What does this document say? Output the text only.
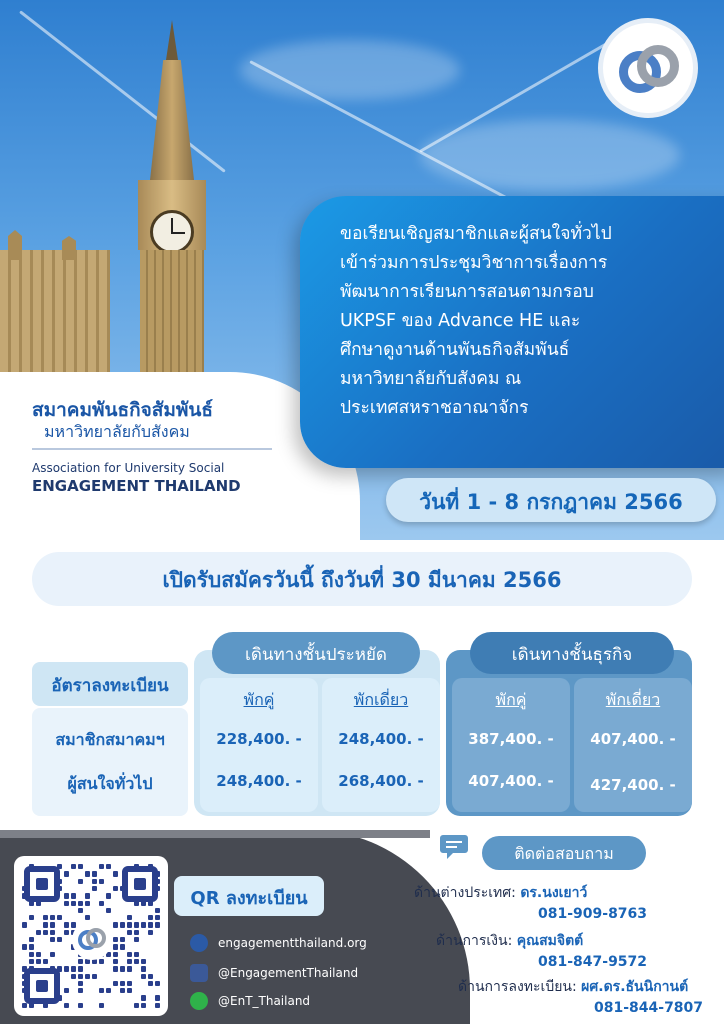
สมาคมพันธกิจสัมพันธ์
มหาวิทยาลัยกับสังคม
Association for University Social
ENGAGEMENT THAILAND
ขอเรียนเชิญสมาชิกและผู้สนใจทั่วไป
เข้าร่วมการประชุมวิชาการเรื่องการ
พัฒนาการเรียนการสอนตามกรอบ
UKPSF ของ Advance HE และ
ศึกษาดูงานด้านพันธกิจสัมพันธ์
มหาวิทยาลัยกับสังคม ณ
ประเทศสหราชอาณาจักร
วันที่ 1 - 8 กรกฎาคม 2566
เปิดรับสมัครวันนี้ ถึงวันที่ 30 มีนาคม 2566
อัตราลงทะเบียน
สมาชิกสมาคมฯ
ผู้สนใจทั่วไป
เดินทางชั้นประหยัด
พักคู่	พักเดี่ยว
228,400. -
248,400. -
248,400. -
268,400. -
เดินทางชั้นธุรกิจ
พักคู่	พักเดี่ยว
387,400. -
407,400. -
407,400. -
427,400. -
QR ลงทะเบียน
engagementthailand.org
@EngagementThailand
@EnT_Thailand
ติดต่อสอบถาม
ด้านต่างประเทศ: ดร.นงเยาว์
081-909-8763
ด้านการเงิน: คุณสมจิตต์
081-847-9572
ด้านการลงทะเบียน: ผศ.ดร.ธันนิกานต์
081-844-7807
